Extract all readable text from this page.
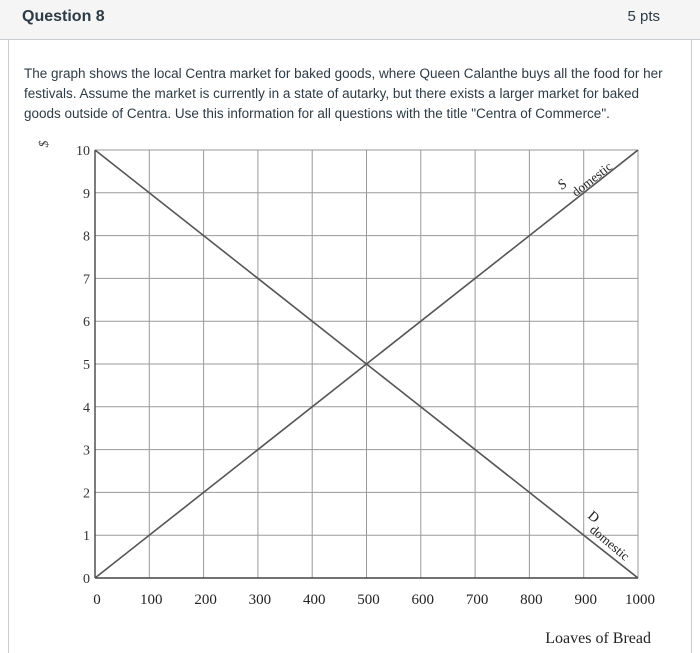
Question 8	5 pts
The graph shows the local Centra market for baked goods, where Queen Calanthe buys all the food for her festivals. Assume the market is currently in a state of autarky, but there exists a larger market for baked goods outside of Centra. Use this information for all questions with the title "Centra of Commerce".
0
1
2
3
4
5
6
7
8
9
10
0	100 200 300 400 500 600 700 800 900 1000
$
Loaves of Bread
S
domestic
D
domestic
